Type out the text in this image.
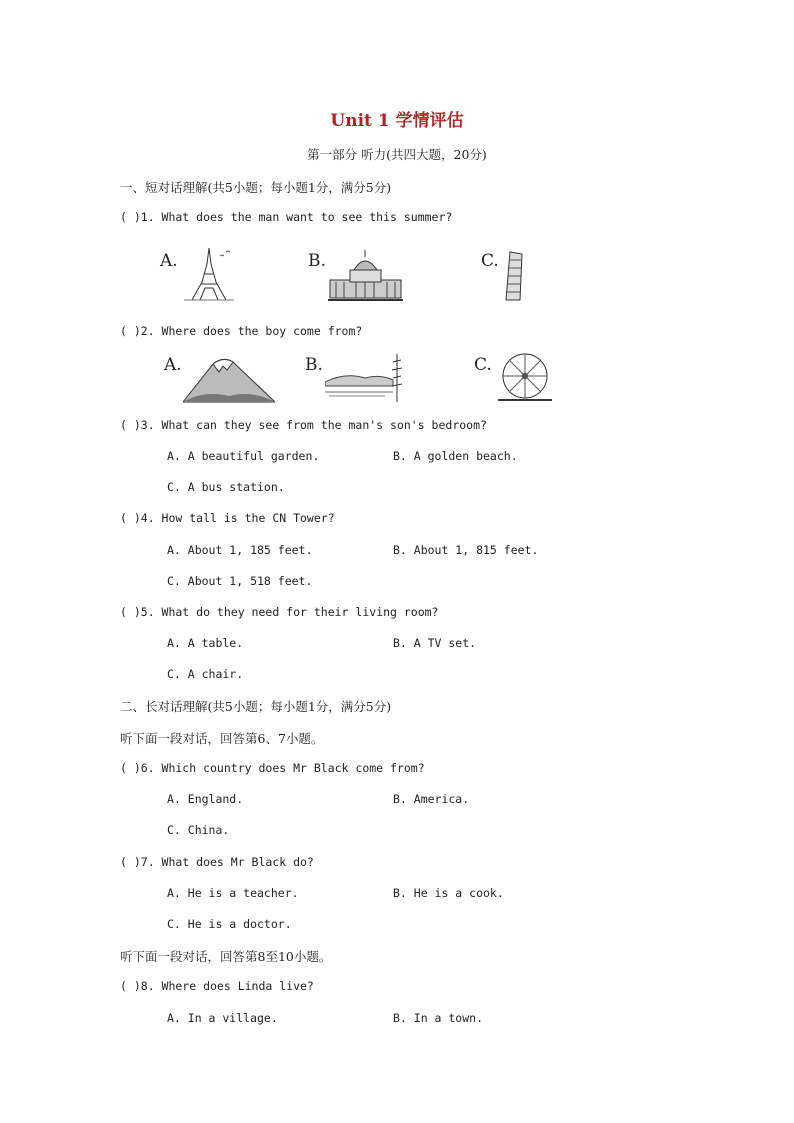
Unit 1 学情评估
第一部分 听力(共四大题，20分)
一、短对话理解(共5小题；每小题1分，满分5分)
( )1. What does the man want to see this summer?
A.	B.	C.
( )2. Where does the boy come from?
A.	B.	C.
( )3. What can they see from the man's son's bedroom?
A. A beautiful garden.	B. A golden beach.
C. A bus station.
( )4. How tall is the CN Tower?
A. About 1, 185 feet.	B. About 1, 815 feet.
C. About 1, 518 feet.
( )5. What do they need for their living room?
A. A table.	B. A TV set.
C. A chair.
二、长对话理解(共5小题；每小题1分，满分5分)
听下面一段对话，回答第6、7小题。
( )6. Which country does Mr Black come from?
A. England.	B. America.
C. China.
( )7. What does Mr Black do?
A. He is a teacher.	B. He is a cook.
C. He is a doctor.
听下面一段对话，回答第8至10小题。
( )8. Where does Linda live?
A. In a village.	B. In a town.
